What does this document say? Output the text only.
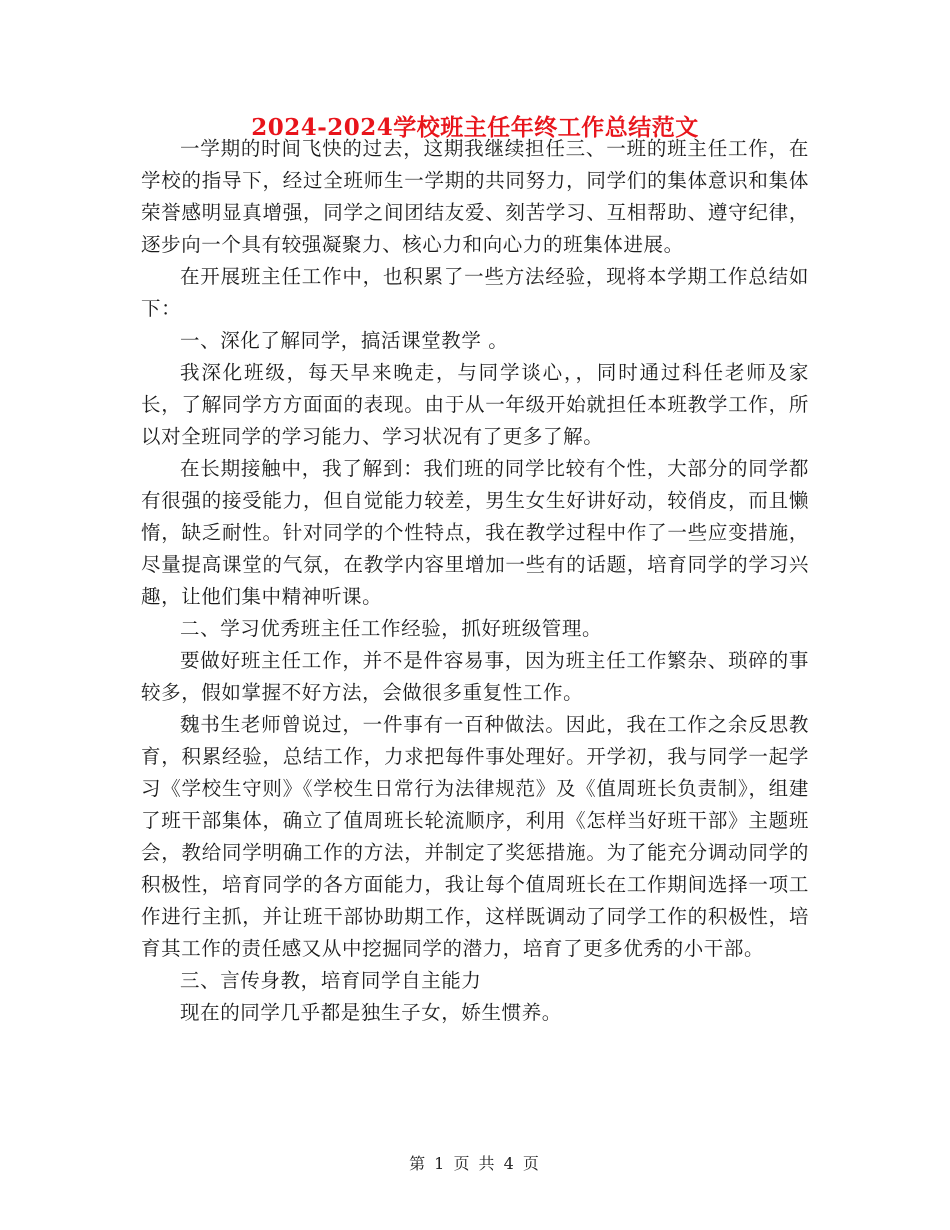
2024-2024学校班主任年终工作总结范文

一学期的时间飞快的过去，这期我继续担任三、一班的班主任工作，在学校的指导下，经过全班师生一学期的共同努力，同学们的集体意识和集体荣誉感明显真增强，同学之间团结友爱、刻苦学习、互相帮助、遵守纪律，逐步向一个具有较强凝聚力、核心力和向心力的班集体进展。

在开展班主任工作中，也积累了一些方法经验，现将本学期工作总结如下：

一、深化了解同学，搞活课堂教学 。

我深化班级，每天早来晚走，与同学谈心，，同时通过科任老师及家长，了解同学方方面面的表现。由于从一年级开始就担任本班教学工作，所以对全班同学的学习能力、学习状况有了更多了解。

在长期接触中，我了解到：我们班的同学比较有个性，大部分的同学都有很强的接受能力，但自觉能力较差，男生女生好讲好动，较俏皮，而且懒惰，缺乏耐性。针对同学的个性特点，我在教学过程中作了一些应变措施，尽量提高课堂的气氛，在教学内容里增加一些有的话题，培育同学的学习兴趣，让他们集中精神听课。

二、学习优秀班主任工作经验，抓好班级管理。

要做好班主任工作，并不是件容易事，因为班主任工作繁杂、琐碎的事较多，假如掌握不好方法，会做很多重复性工作。

魏书生老师曾说过，一件事有一百种做法。因此，我在工作之余反思教育，积累经验，总结工作，力求把每件事处理好。开学初，我与同学一起学习《学校生守则》《学校生日常行为法律规范》及《值周班长负责制》，组建了班干部集体，确立了值周班长轮流顺序，利用《怎样当好班干部》主题班会，教给同学明确工作的方法，并制定了奖惩措施。为了能充分调动同学的积极性，培育同学的各方面能力，我让每个值周班长在工作期间选择一项工作进行主抓，并让班干部协助期工作，这样既调动了同学工作的积极性，培育其工作的责任感又从中挖掘同学的潜力，培育了更多优秀的小干部。

三、言传身教，培育同学自主能力

现在的同学几乎都是独生子女，娇生惯养。

第 1 页 共 4 页
